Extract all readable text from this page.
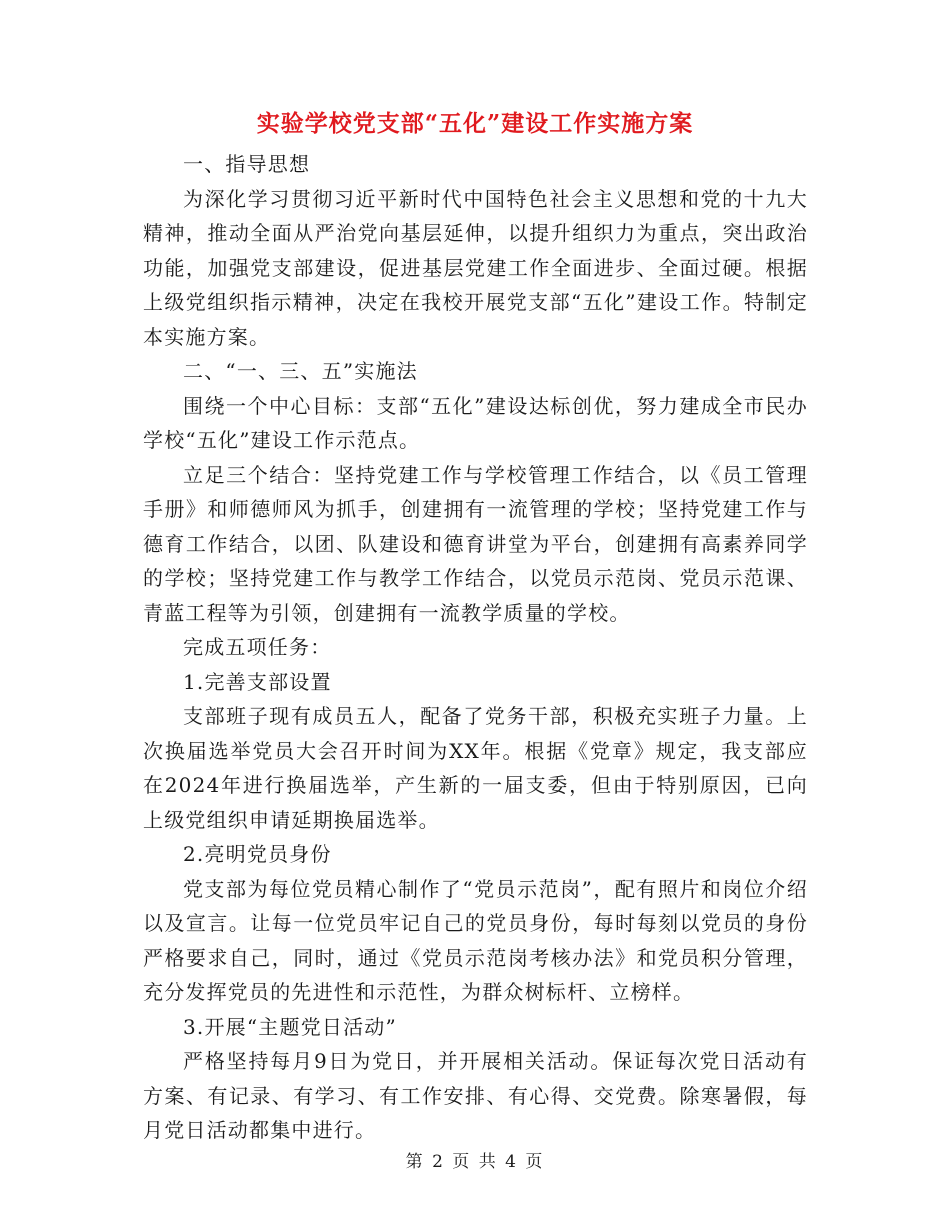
实验学校党支部“五化”建设工作实施方案

一、指导思想

为深化学习贯彻习近平新时代中国特色社会主义思想和党的十九大精神，推动全面从严治党向基层延伸，以提升组织力为重点，突出政治功能，加强党支部建设，促进基层党建工作全面进步、全面过硬。根据上级党组织指示精神，决定在我校开展党支部“五化”建设工作。特制定本实施方案。

二、“一、三、五”实施法

围绕一个中心目标：支部“五化”建设达标创优，努力建成全市民办学校“五化”建设工作示范点。

立足三个结合：坚持党建工作与学校管理工作结合，以《员工管理手册》和师德师风为抓手，创建拥有一流管理的学校；坚持党建工作与德育工作结合，以团、队建设和德育讲堂为平台，创建拥有高素养同学的学校；坚持党建工作与教学工作结合，以党员示范岗、党员示范课、青蓝工程等为引领，创建拥有一流教学质量的学校。

完成五项任务：

1.完善支部设置

支部班子现有成员五人，配备了党务干部，积极充实班子力量。上次换届选举党员大会召开时间为XX年。根据《党章》规定，我支部应在2024年进行换届选举，产生新的一届支委，但由于特别原因，已向上级党组织申请延期换届选举。

2.亮明党员身份

党支部为每位党员精心制作了“党员示范岗”，配有照片和岗位介绍以及宣言。让每一位党员牢记自己的党员身份，每时每刻以党员的身份严格要求自己，同时，通过《党员示范岗考核办法》和党员积分管理，充分发挥党员的先进性和示范性，为群众树标杆、立榜样。

3.开展“主题党日活动”

严格坚持每月9日为党日，并开展相关活动。保证每次党日活动有方案、有记录、有学习、有工作安排、有心得、交党费。除寒暑假，每月党日活动都集中进行。

第 2 页 共 4 页
